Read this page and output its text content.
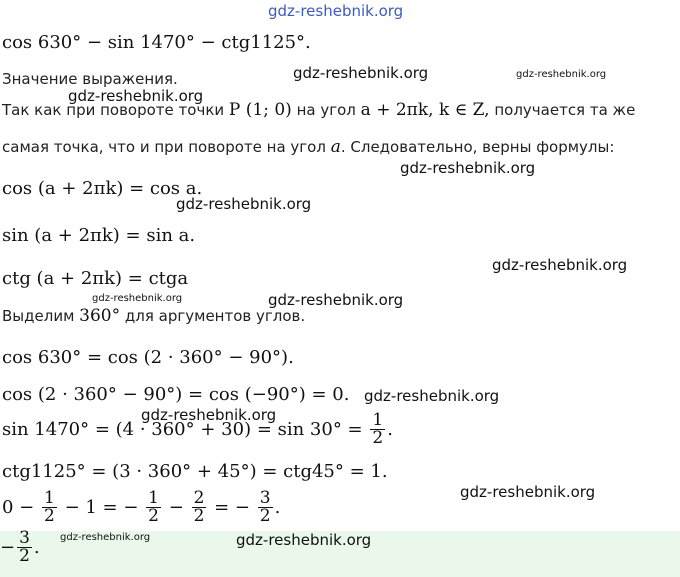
gdz-reshebnik.org
gdz-reshebnik.org	gdz-reshebnik.org
gdz-reshebnik.org
gdz-reshebnik.org
gdz-reshebnik.org
gdz-reshebnik.org
gdz-reshebnik.org	gdz-reshebnik.org
gdz-reshebnik.org
gdz-reshebnik.org
gdz-reshebnik.org
gdz-reshebnik.org	gdz-reshebnik.org
cos 630° − sin 1470° − ctg1125°.
Значение выражения.
Так как при повороте точки P (1; 0) на угол a + 2πk, k ∈ Z, получается та же
самая точка, что и при повороте на угол a. Следовательно, верны формулы:
cos (a + 2πk) = cos a.
sin (a + 2πk) = sin a.
ctg (a + 2πk) = ctga
Выделим 360° для аргументов углов.
cos 630° = cos (2 · 360° − 90°).
cos (2 · 360° − 90°) = cos (−90°) = 0.
$\sin 1470^\circ = (4 \cdot 360^\circ + 30) = \sin 30^\circ = \frac{1}{2}$ .
ctg1125° = (3 · 360° + 45°) = ctg45° = 1.
$0 - \frac{1}{2} - 1$ = − $\frac{1}{2} - \frac{2}{2}$ = − $\frac{3}{2}$ .
− $\frac{3}{2}$ .
